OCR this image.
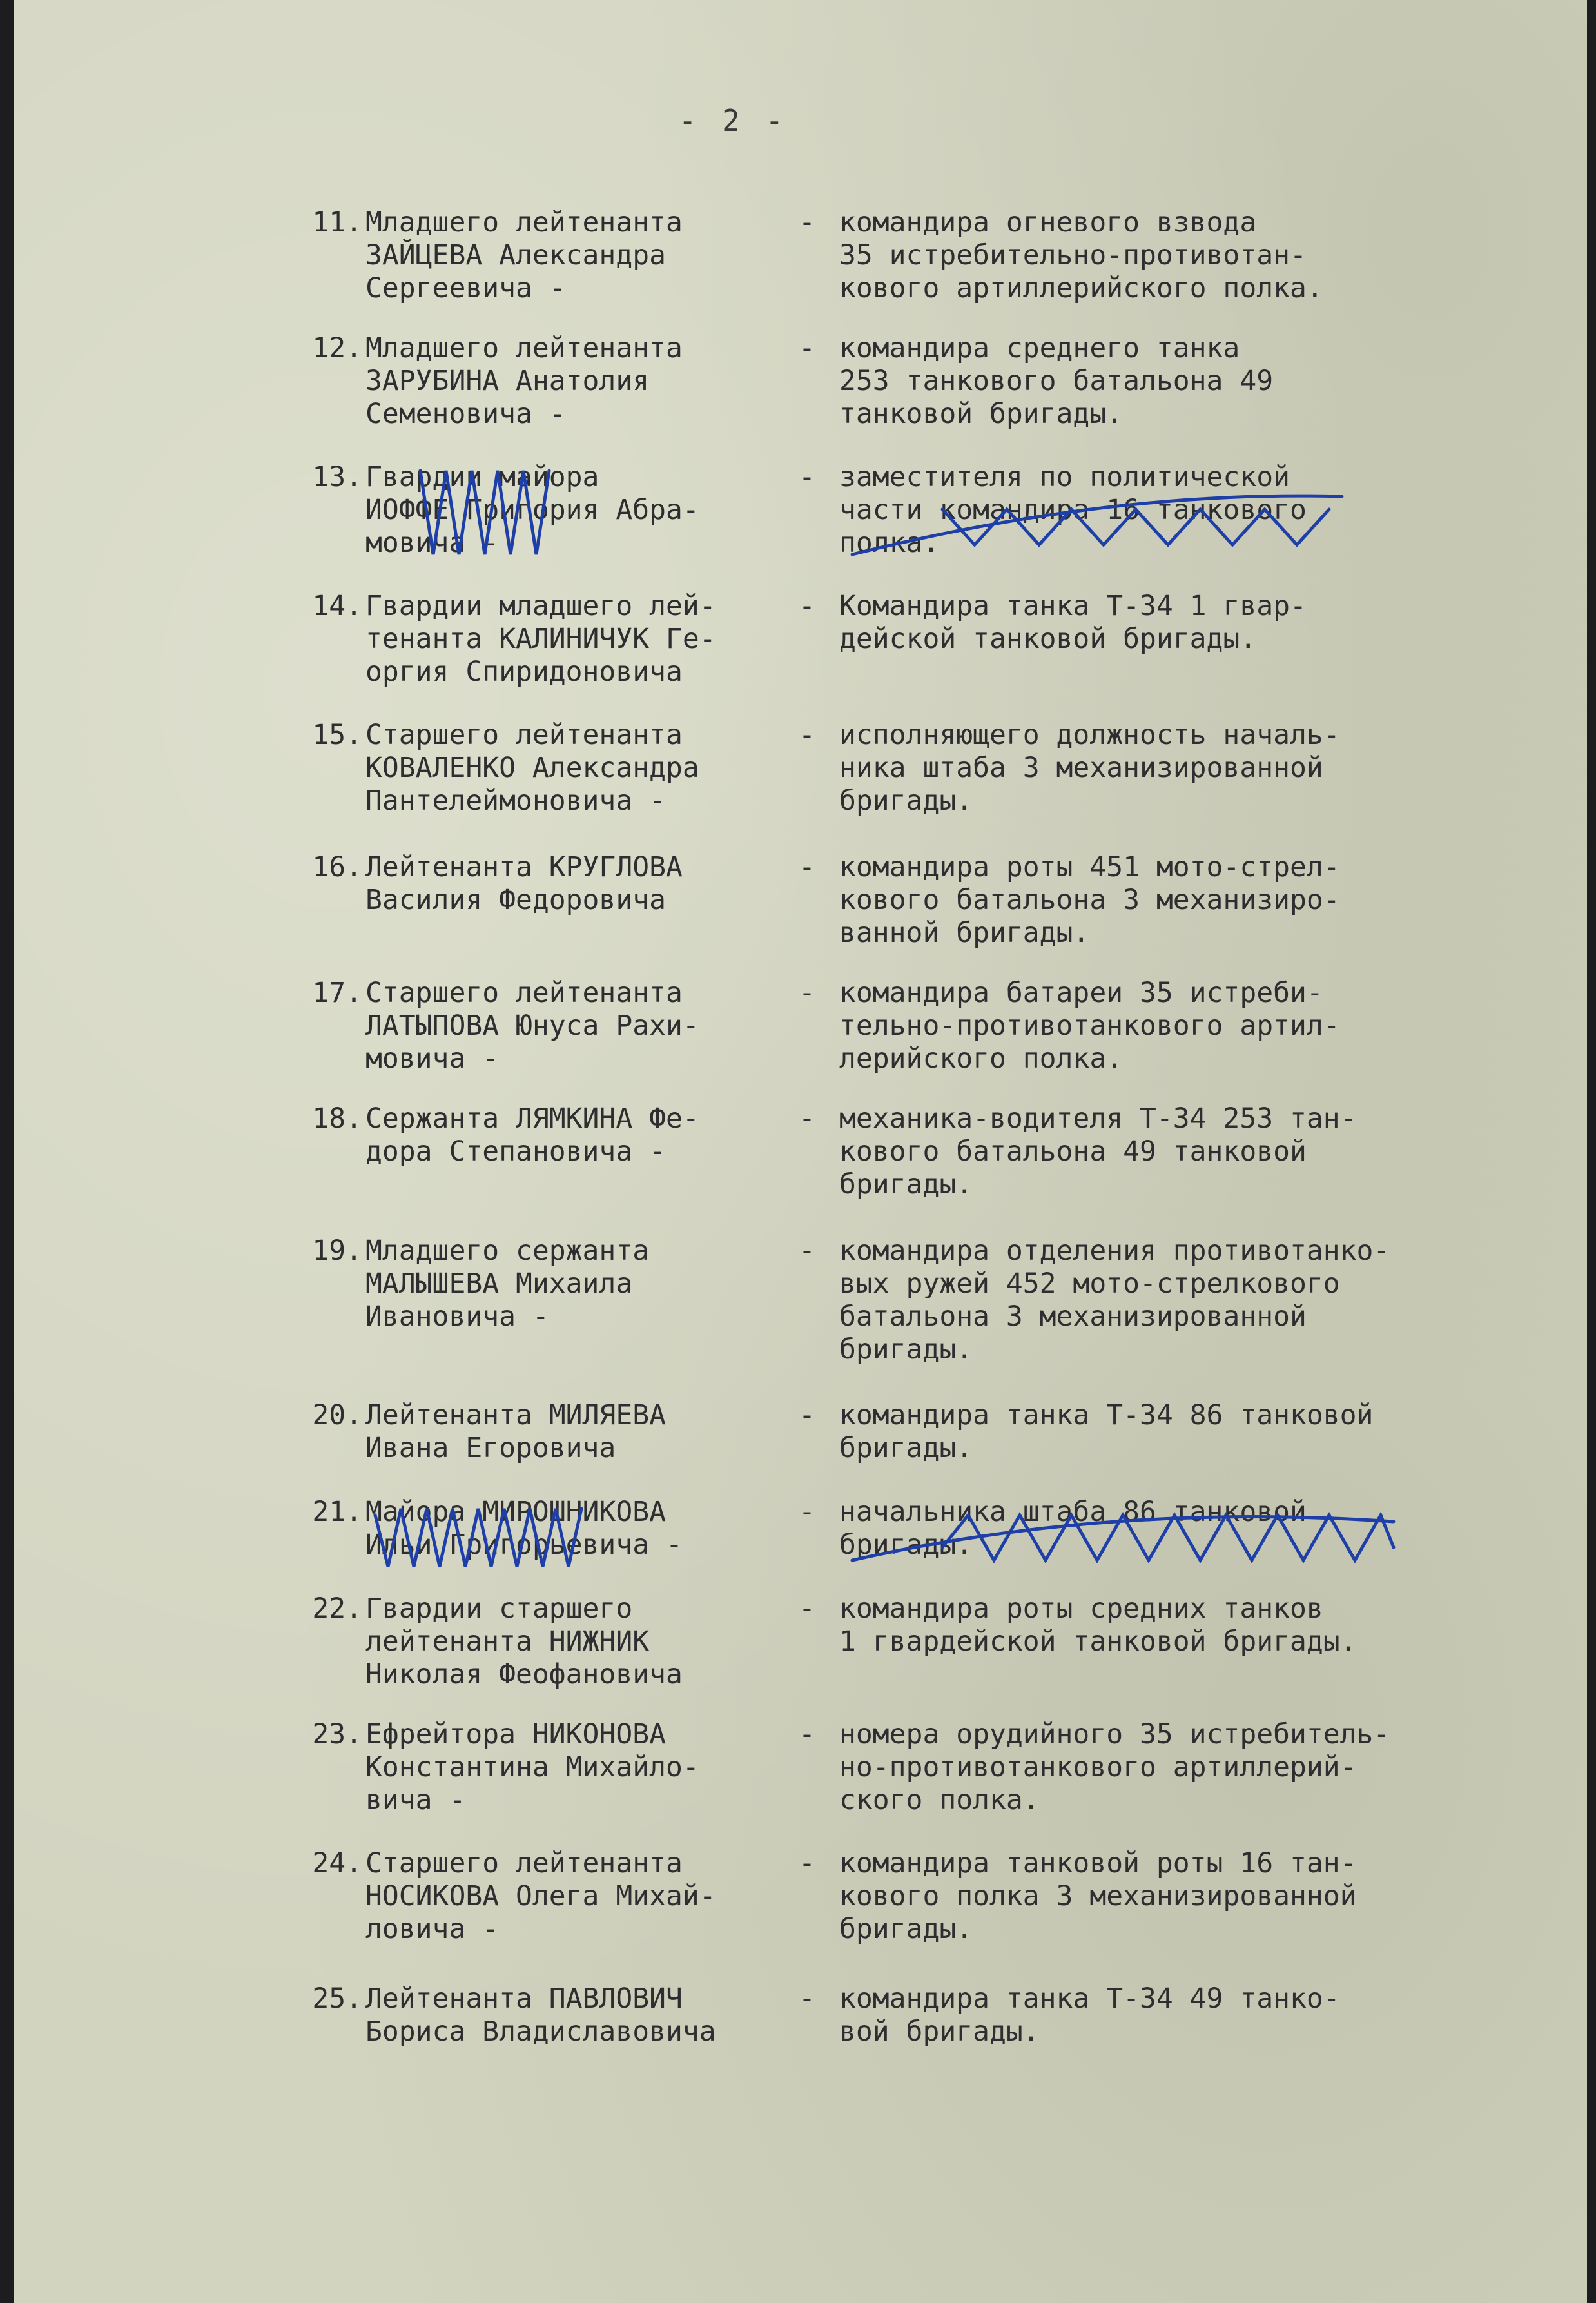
- 2 -
11. Младшего лейтенанта
ЗАЙЦЕВА Александра
Сергеевича -
- командира огневого взвода
35 истребительно-противотан-
кового артиллерийского полка.
12. Младшего лейтенанта
ЗАРУБИНА Анатолия
Семеновича -
- командира среднего танка
253 танкового батальона 49
танковой бригады.
13. Гвардии майора
ИОФФЕ Григория Абра-
мовича -
- заместителя по политической
части командира 16 танкового
полка.
14. Гвардии младшего лей-
тенанта КАЛИНИЧУК Ге-
оргия Спиридоновича
- Командира танка Т-34 1 гвар-
дейской танковой бригады.
15. Старшего лейтенанта
КОВАЛЕНКО Александра
Пантелеймоновича -
- исполняющего должность началь-
ника штаба 3 механизированной
бригады.
16. Лейтенанта КРУГЛОВА
Василия Федоровича
- командира роты 451 мото-стрел-
кового батальона 3 механизиро-
ванной бригады.
17. Старшего лейтенанта
ЛАТЫПОВА Юнуса Рахи-
мовича -
- командира батареи 35 истреби-
тельно-противотанкового артил-
лерийского полка.
18. Сержанта ЛЯМКИНА Фе-
дора Степановича -
- механика-водителя Т-34 253 тан-
кового батальона 49 танковой
бригады.
19. Младшего сержанта
МАЛЫШЕВА Михаила
Ивановича -
- командира отделения противотанко-
вых ружей 452 мото-стрелкового
батальона 3 механизированной
бригады.
20. Лейтенанта МИЛЯЕВА
Ивана Егоровича
- командира танка Т-34 86 танковой
бригады.
21. Майора МИРОШНИКОВА
Ильи Григорьевича -
- начальника штаба 86 танковой
бригады.
22. Гвардии старшего
лейтенанта НИЖНИК
Николая Феофановича
- командира роты средних танков
1 гвардейской танковой бригады.
23. Ефрейтора НИКОНОВА
Константина Михайло-
вича -
- номера орудийного 35 истребитель-
но-противотанкового артиллерий-
ского полка.
24. Старшего лейтенанта
НОСИКОВА Олега Михай-
ловича -
- командира танковой роты 16 тан-
кового полка 3 механизированной
бригады.
25. Лейтенанта ПАВЛОВИЧ
Бориса Владиславовича
- командира танка Т-34 49 танко-
вой бригады.
